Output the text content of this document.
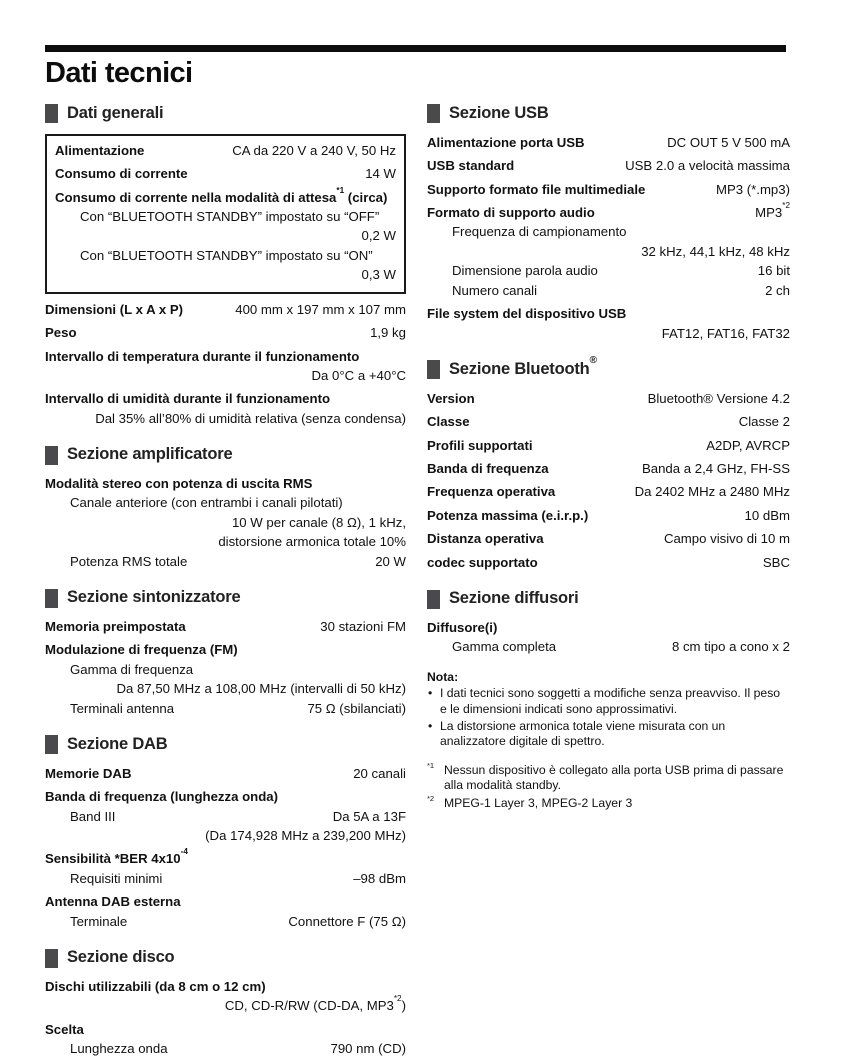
Dati tecnici
Dati generali
Alimentazione	CA da 220 V a 240 V, 50 Hz
Consumo di corrente	14 W
Consumo di corrente nella modalità di attesa$^{*1}$ (circa)
Con “BLUETOOTH STANDBY” impostato su “OFF”
0,2 W
Con “BLUETOOTH STANDBY” impostato su “ON”
0,3 W
Dimensioni (L x A x P)	400 mm x 197 mm x 107 mm
Peso	1,9 kg
Intervallo di temperatura durante il funzionamento
Da 0°C a +40°C
Intervallo di umidità durante il funzionamento
Dal 35% all’80% di umidità relativa (senza condensa)
Sezione amplificatore
Modalità stereo con potenza di uscita RMS
Canale anteriore (con entrambi i canali pilotati)
10 W per canale (8 Ω), 1 kHz,
distorsione armonica totale 10%
Potenza RMS totale	20 W
Sezione sintonizzatore
Memoria preimpostata	30 stazioni FM
Modulazione di frequenza (FM)
Gamma di frequenza
Da 87,50 MHz a 108,00 MHz (intervalli di 50 kHz)
Terminali antenna	75 Ω (sbilanciati)
Sezione DAB
Memorie DAB	20 canali
Banda di frequenza (lunghezza onda)
Band III	Da 5A a 13F
(Da 174,928 MHz a 239,200 MHz)
Sensibilità *BER $4x10^{-4}$
Requisiti minimi	–98 dBm
Antenna DAB esterna
Terminale	Connettore F (75 Ω)
Sezione disco
Dischi utilizzabili (da 8 cm o 12 cm)
CD, CD-R/RW (CD-DA, MP3$^{*2}$)
Scelta
Lunghezza onda	790 nm (CD)
Sezione USB
Alimentazione porta USB	DC OUT 5 V 500 mA
USB standard	USB 2.0 a velocità massima
Supporto formato file multimediale	MP3 (*.mp3)
Formato di supporto audio	MP3$^{*2}$
Frequenza di campionamento
32 kHz, 44,1 kHz, 48 kHz
Dimensione parola audio	16 bit
Numero canali	2 ch
File system del dispositivo USB
FAT12, FAT16, FAT32
Sezione Bluetooth®
Version	Bluetooth® Versione 4.2
Classe	Classe 2
Profili supportati	A2DP, AVRCP
Banda di frequenza	Banda a 2,4 GHz, FH-SS
Frequenza operativa	Da 2402 MHz a 2480 MHz
Potenza massima (e.i.r.p.)	10 dBm
Distanza operativa	Campo visivo di 10 m
codec supportato	SBC
Sezione diffusori
Diffusore(i)
Gamma completa	8 cm tipo a cono x 2
Nota:
• I dati tecnici sono soggetti a modifiche senza preavviso. Il peso e le dimensioni indicati sono approssimativi.
• La distorsione armonica totale viene misurata con un analizzatore digitale di spettro.
*1 Nessun dispositivo è collegato alla porta USB prima di passare alla modalità standby.
*2 MPEG-1 Layer 3, MPEG-2 Layer 3
